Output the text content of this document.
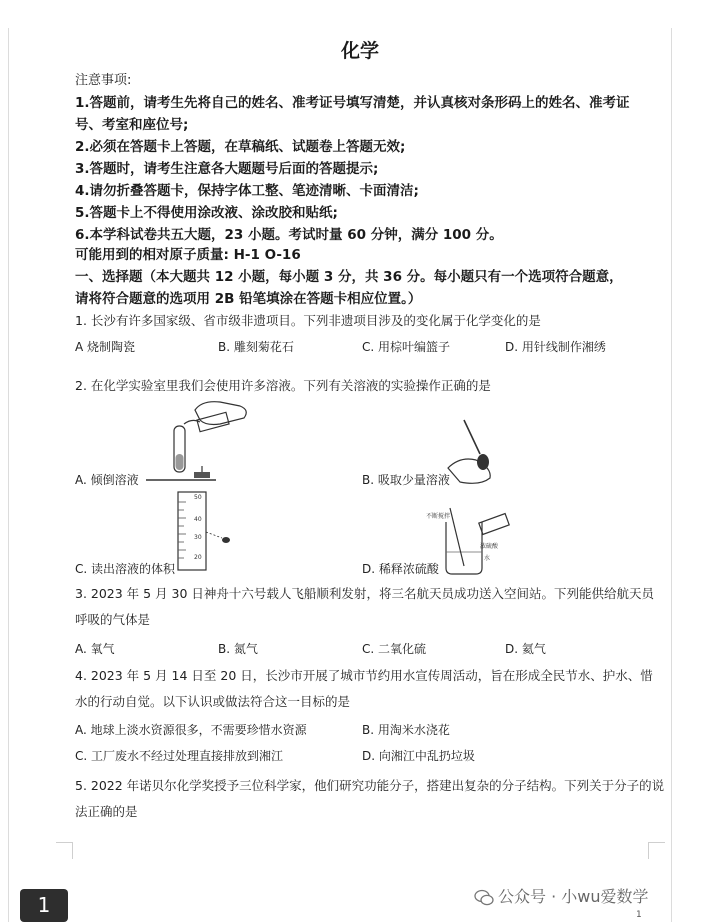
化学
注意事项:
1.答题前，请考生先将自己的姓名、准考证号填写清楚，并认真核对条形码上的姓名、准考证
号、考室和座位号;
2.必须在答题卡上答题，在草稿纸、试题卷上答题无效;
3.答题时，请考生注意各大题题号后面的答题提示;
4.请勿折叠答题卡，保持字体工整、笔迹清晰、卡面清洁;
5.答题卡上不得使用涂改液、涂改胶和贴纸;
6.本学科试卷共五大题，23 小题。考试时量 60 分钟，满分 100 分。
可能用到的相对原子质量: H-1 O-16
一、选择题（本大题共 12 小题，每小题 3 分，共 36 分。每小题只有一个选项符合题意，
请将符合题意的选项用 2B 铅笔填涂在答题卡相应位置。）
1. 长沙有许多国家级、省市级非遗项目。下列非遗项目涉及的变化属于化学变化的是
A 烧制陶瓷	B. 雕刻菊花石	C. 用棕叶编篮子	D. 用针线制作湘绣
2. 在化学实验室里我们会使用许多溶液。下列有关溶液的实验操作正确的是
A. 倾倒溶液	B. 吸取少量溶液
50
40
30
20
C. 读出溶液的体积
不断搅拌
浓硫酸
水
D. 稀释浓硫酸
3. 2023 年 5 月 30 日神舟十六号载人飞船顺利发射，将三名航天员成功送入空间站。下列能供给航天员
呼吸的气体是
A. 氧气	B. 氮气	C. 二氧化硫	D. 氦气
4. 2023 年 5 月 14 日至 20 日，长沙市开展了城市节约用水宣传周活动，旨在形成全民节水、护水、惜
水的行动自觉。以下认识或做法符合这一目标的是
A. 地球上淡水资源很多，不需要珍惜水资源	B. 用淘米水浇花
C. 工厂废水不经过处理直接排放到湘江	D. 向湘江中乱扔垃圾
5. 2022 年诺贝尔化学奖授予三位科学家，他们研究功能分子，搭建出复杂的分子结构。下列关于分子的说
法正确的是
1	公众号 · 小wu爱数学
1
